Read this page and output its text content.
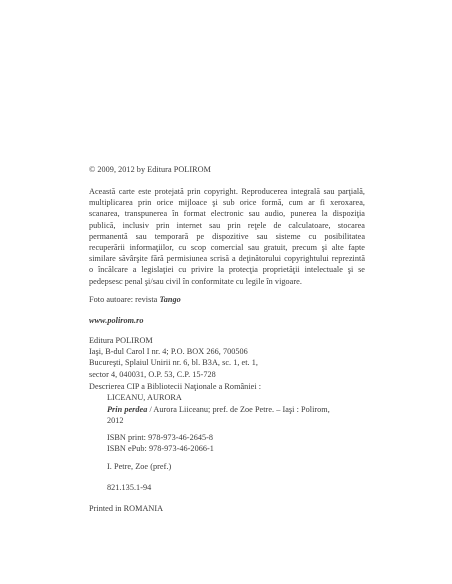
© 2009, 2012 by Editura POLIROM
Această carte este protejată prin copyright. Reproducerea integrală sau parţială,
multiplicarea prin orice mijloace şi sub orice formă, cum ar fi xeroxarea,
scanarea, transpunerea în format electronic sau audio, punerea la dispoziţia
publică, inclusiv prin internet sau prin reţele de calculatoare, stocarea
permanentă sau temporară pe dispozitive sau sisteme cu posibilitatea
recuperării informaţiilor, cu scop comercial sau gratuit, precum şi alte fapte
similare săvârşite fără permisiunea scrisă a deţinătorului copyrightului reprezintă
o încălcare a legislaţiei cu privire la protecţia proprietăţii intelectuale şi se
pedepsesc penal şi/sau civil în conformitate cu legile în vigoare.
Foto autoare: revista Tango
www.polirom.ro
Editura POLIROM
Iaşi, B-dul Carol I nr. 4; P.O. BOX 266, 700506
Bucureşti, Splaiul Unirii nr. 6, bl. B3A, sc. 1, et. 1,
sector 4, 040031, O.P. 53, C.P. 15-728
Descrierea CIP a Bibliotecii Naţionale a României :
LICEANU, AURORA
Prin perdea / Aurora Liiceanu; pref. de Zoe Petre. – Iaşi : Polirom,
2012
ISBN print: 978-973-46-2645-8
ISBN ePub: 978-973-46-2066-1
I. Petre, Zoe (pref.)
821.135.1-94
Printed in ROMANIA
